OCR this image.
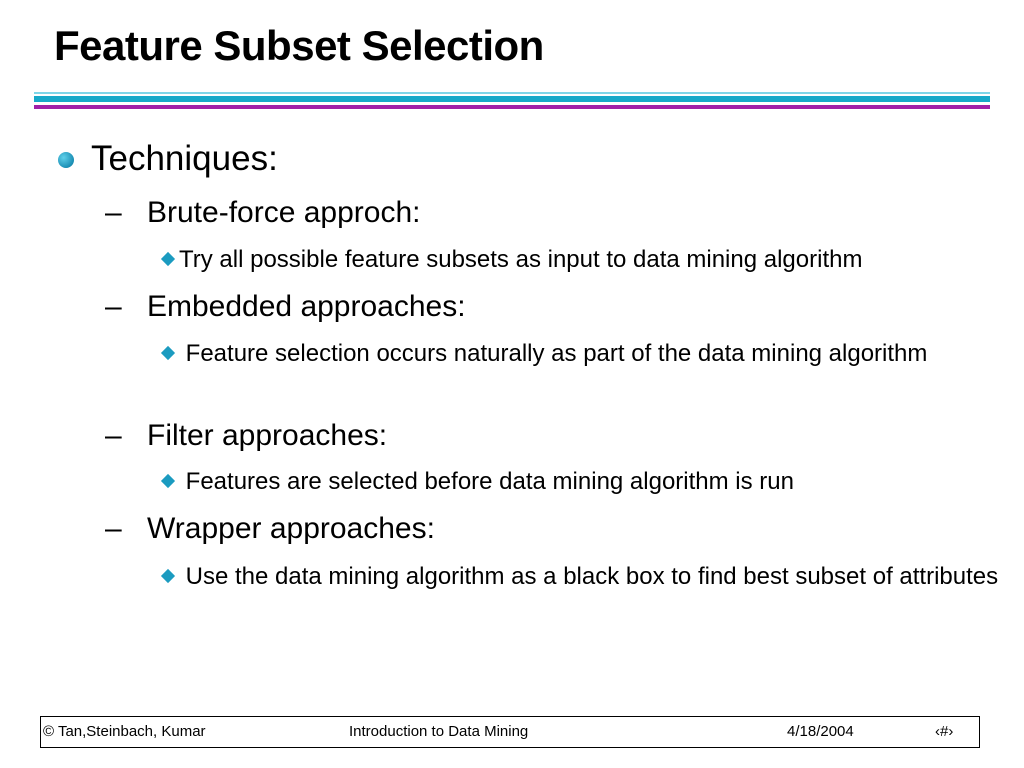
Feature Subset Selection
Techniques:
– Brute-force approch:
Try all possible feature subsets as input to data mining algorithm
– Embedded approaches:
Feature selection occurs naturally as part of the data mining algorithm
– Filter approaches:
Features are selected before data mining algorithm is run
– Wrapper approaches:
Use the data mining algorithm as a black box to find best subset of attributes
© Tan,Steinbach, Kumar	Introduction to Data Mining	4/18/2004	‹#›
